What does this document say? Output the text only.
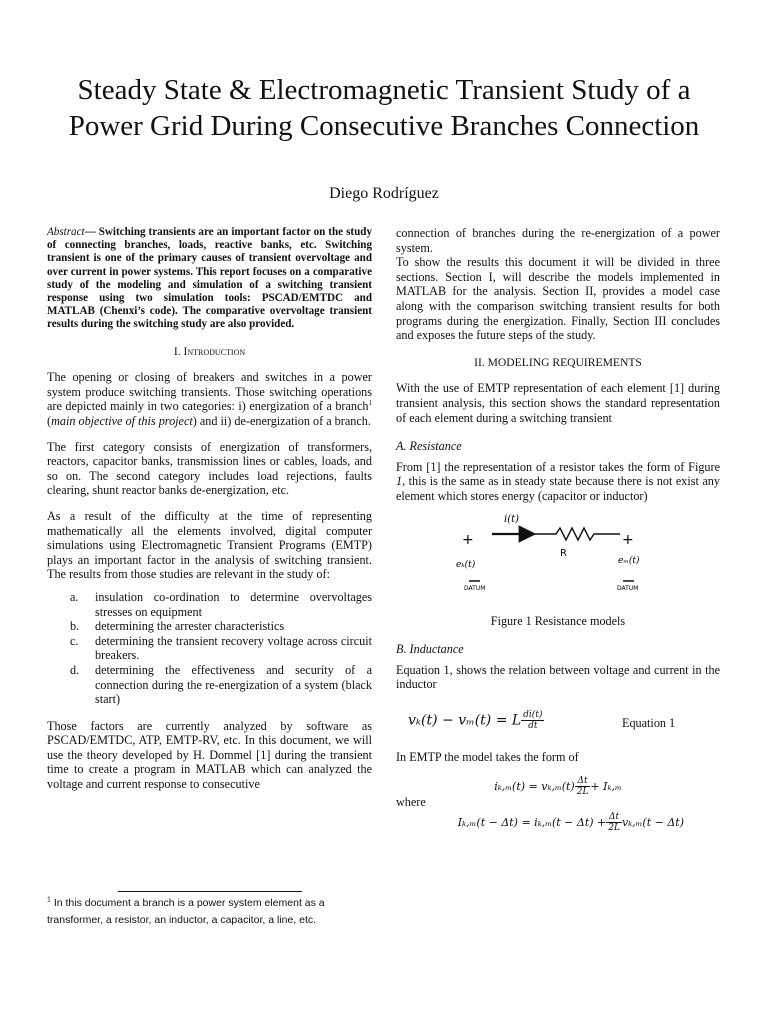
Steady State & Electromagnetic Transient Study of a Power Grid During Consecutive Branches Connection
Diego Rodríguez

Abstract— Switching transients are an important factor on the study of connecting branches, loads, reactive banks, etc. Switching transient is one of the primary causes of transient overvoltage and over current in power systems. This report focuses on a comparative study of the modeling and simulation of a switching transient response using two simulation tools: PSCAD/EMTDC and MATLAB (Chenxi’s code). The comparative overvoltage transient results during the switching study are also provided.

I. Introduction

The opening or closing of breakers and switches in a power system produce switching transients. Those switching operations are depicted mainly in two categories: i) energization of a branch$^1$ (main objective of this project) and ii) de-energization of a branch.

The first category consists of energization of transformers, reactors, capacitor banks, transmission lines or cables, loads, and so on. The second category includes load rejections, faults clearing, shunt reactor banks de-energization, etc.

As a result of the difficulty at the time of representing mathematically all the elements involved, digital computer simulations using Electromagnetic Transient Programs (EMTP) plays an important factor in the analysis of switching transient. The results from those studies are relevant in the study of:

a. insulation co-ordination to determine overvoltages stresses on equipment
b. determining the arrester characteristics
c. determining the transient recovery voltage across circuit breakers.
d. determining the effectiveness and security of a connection during the re-energization of a system (black start)

Those factors are currently analyzed by software as PSCAD/EMTDC, ATP, EMTP-RV, etc. In this document, we will use the theory developed by H. Dommel [1] during the transient time to create a program in MATLAB which can analyzed the voltage and current response to consecutive

connection of branches during the re-energization of a power system.

To show the results this document it will be divided in three sections. Section I, will describe the models implemented in MATLAB for the analysis. Section II, provides a model case along with the comparison switching transient results for both programs during the energization. Finally, Section III concludes and exposes the future steps of the study.

II. MODELING REQUIREMENTS

With the use of EMTP representation of each element [1] during transient analysis, this section shows the standard representation of each element during a switching transient

A. Resistance

From [1] the representation of a resistor takes the form of Figure 1, this is the same as in steady state because there is not exist any element which stores energy (capacitor or inductor)

i(t)
+	+
R
eₖ(t)	eₘ(t)
DATUM	DATUM
Figure 1 Resistance models
B. Inductance

Equation 1, shows the relation between voltage and current in the inductor

vₖ(t) − vₘ(t) = L $\frac{di(t)}{dt}$	Equation 1

In EMTP the model takes the form of

$i_k,_m(t) = v_k,_m(t) \frac{\Delta t}{2L} + I_k,_m$

where

$I_k,_m(t - \Delta t) = i_k,_m(t - \Delta t) + \frac{\Delta t}{2L} v_k,_m(t - \Delta t)$
$^1$ In this document a branch is a power system element as a transformer, a resistor, an inductor, a capacitor, a line, etc.
